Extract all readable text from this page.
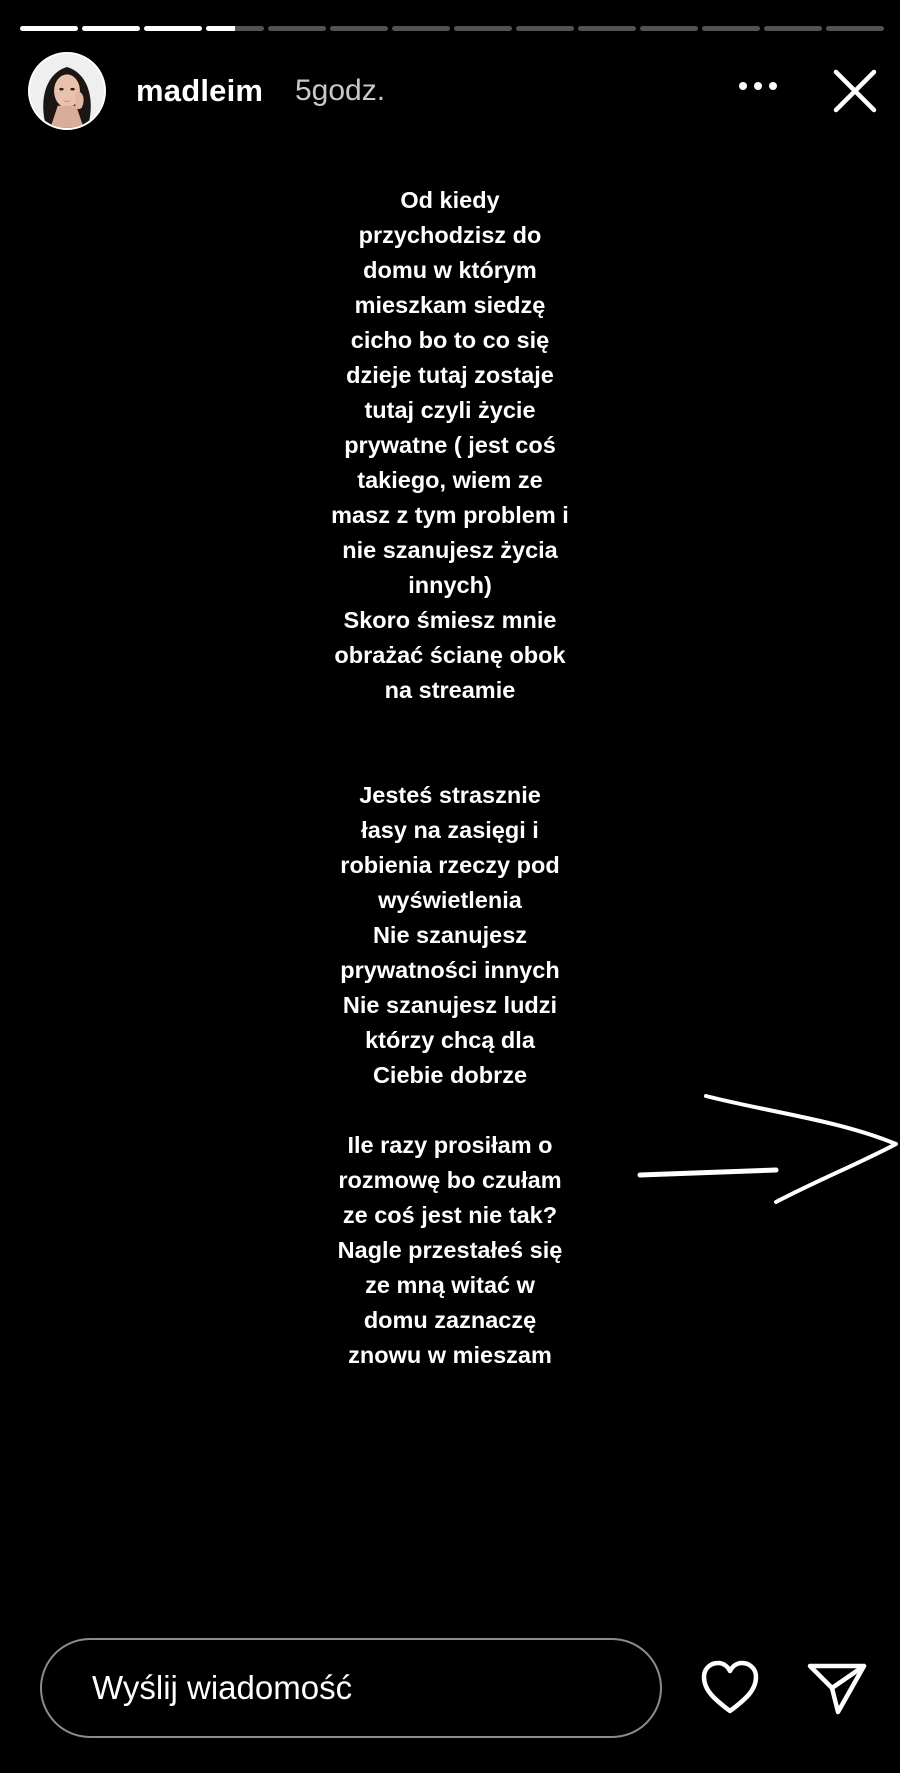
madleim 5godz.
Od kiedy
przychodzisz do
domu w którym
mieszkam siedzę
cicho bo to co się
dzieje tutaj zostaje
tutaj czyli życie
prywatne ( jest coś
takiego, wiem ze
masz z tym problem i
nie szanujesz życia
innych)
Skoro śmiesz mnie
obrażać ścianę obok
na streamie
Jesteś strasznie
łasy na zasięgi i
robienia rzeczy pod
wyświetlenia
Nie szanujesz
prywatności innych
Nie szanujesz ludzi
którzy chcą dla
Ciebie dobrze
Ile razy prosiłam o
rozmowę bo czułam
ze coś jest nie tak?
Nagle przestałeś się
ze mną witać w
domu zaznaczę
znowu w mieszam
Wyślij wiadomość
